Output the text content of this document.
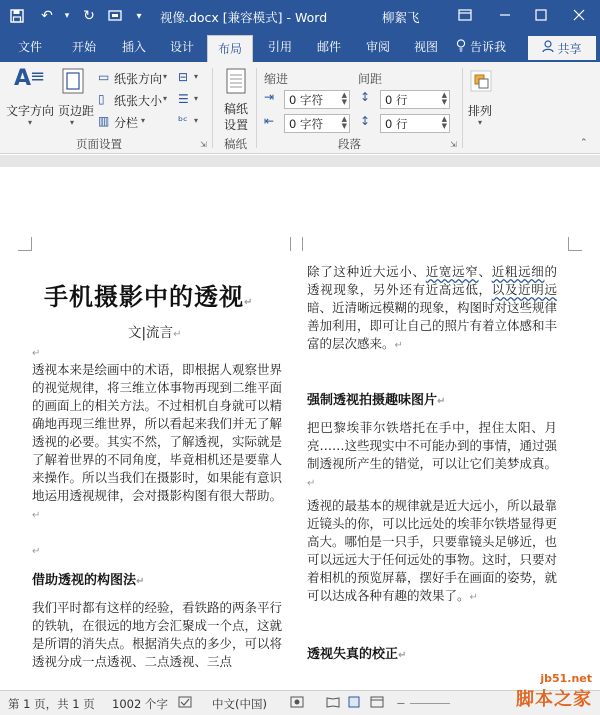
↶	▾ ↻	▾	视像.docx [兼容模式] - Word	柳絮飞
文件 开始 插入 设计	布局	引用 邮件 审阅 视图	告诉我	共享
A
≡
文字方向
▾
页边距
▾
▭ 纸张方向 ▾
▯ 纸张大小 ▾
▥ 分栏 ▾
⊟ ▾
☰ ▾
ᵇᶜ ▾
页面设置	⇲
稿纸
设置
稿纸
缩进	间距
⇥	0 字符	▲
▼
⇤	0 字符	▲
▼
↕	0 行	▲
▼
↕	0 行	▲
▼
段落	⇲
排列
▾
⌃
手机摄影中的透视↵
文|流言↵
↵
透视本来是绘画中的术语，即根据人观察世界的视觉规律，将三维立体事物再现到二维平面的画面上的相关方法。不过相机自身就可以精确地再现三维世界，所以看起来我们并无了解透视的必要。其实不然，了解透视，实际就是了解着世界的不同角度，毕竟相机还是要靠人来操作。所以当我们在摄影时，如果能有意识地运用透视规律，会对摄影构图有很大帮助。↵
↵
借助透视的构图法↵
我们平时都有这样的经验，看铁路的两条平行的铁轨，在很远的地方会汇聚成一个点，这就是所谓的消失点。根据消失点的多少，可以将透视分成一点透视、二点透视、三点
除了这种近大远小、近宽远窄、近粗远细的透视现象，另外还有近高远低，以及近明远暗、近清晰远模糊的现象，构图时对这些规律善加利用，即可让自己的照片有着立体感和丰富的层次感来。↵
强制透视拍摄趣味图片↵
把巴黎埃菲尔铁塔托在手中，捏住太阳、月亮……这些现实中不可能办到的事情，通过强制透视所产生的错觉，可以让它们美梦成真。↵
透视的最基本的规律就是近大远小，所以最靠近镜头的你，可以比远处的埃菲尔铁塔显得更高大。哪怕是一只手，只要靠镜头足够近，也可以远远大于任何远处的事物。这时，只要对着相机的预览屏幕，摆好手在画面的姿势，就可以达成各种有趣的效果了。↵
透视失真的校正↵
第 1 页，共 1 页 1002 个字	中文(中国)	−
jb51.net
脚本之家
